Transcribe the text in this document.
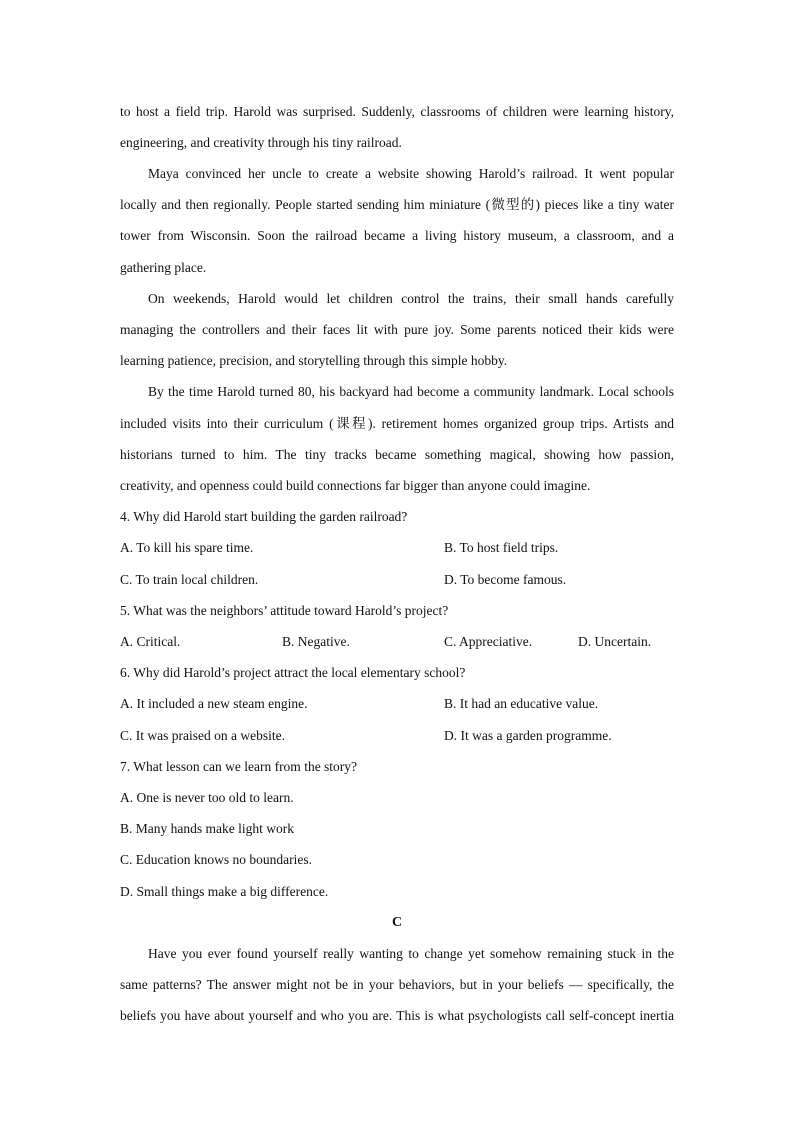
to host a field trip. Harold was surprised. Suddenly, classrooms of children were learning history,
engineering, and creativity through his tiny railroad.
Maya convinced her uncle to create a website showing Harold’s railroad. It went popular
locally and then regionally. People started sending him miniature (微型的) pieces like a tiny water
tower from Wisconsin. Soon the railroad became a living history museum, a classroom, and a
gathering place.
On weekends, Harold would let children control the trains, their small hands carefully
managing the controllers and their faces lit with pure joy. Some parents noticed their kids were
learning patience, precision, and storytelling through this simple hobby.
By the time Harold turned 80, his backyard had become a community landmark. Local schools
included visits into their curriculum (课程). retirement homes organized group trips. Artists and
historians turned to him. The tiny tracks became something magical, showing how passion,
creativity, and openness could build connections far bigger than anyone could imagine.
4. Why did Harold start building the garden railroad?
A. To kill his spare time.	B. To host field trips.
C. To train local children.	D. To become famous.
5. What was the neighbors’ attitude toward Harold’s project?
A. Critical.	B. Negative.	C. Appreciative.	D. Uncertain.
6. Why did Harold’s project attract the local elementary school?
A. It included a new steam engine.	B. It had an educative value.
C. It was praised on a website.	D. It was a garden programme.
7. What lesson can we learn from the story?
A. One is never too old to learn.
B. Many hands make light work
C. Education knows no boundaries.
D. Small things make a big difference.
C
Have you ever found yourself really wanting to change yet somehow remaining stuck in the
same patterns? The answer might not be in your behaviors, but in your beliefs — specifically, the
beliefs you have about yourself and who you are. This is what psychologists call self-concept inertia
